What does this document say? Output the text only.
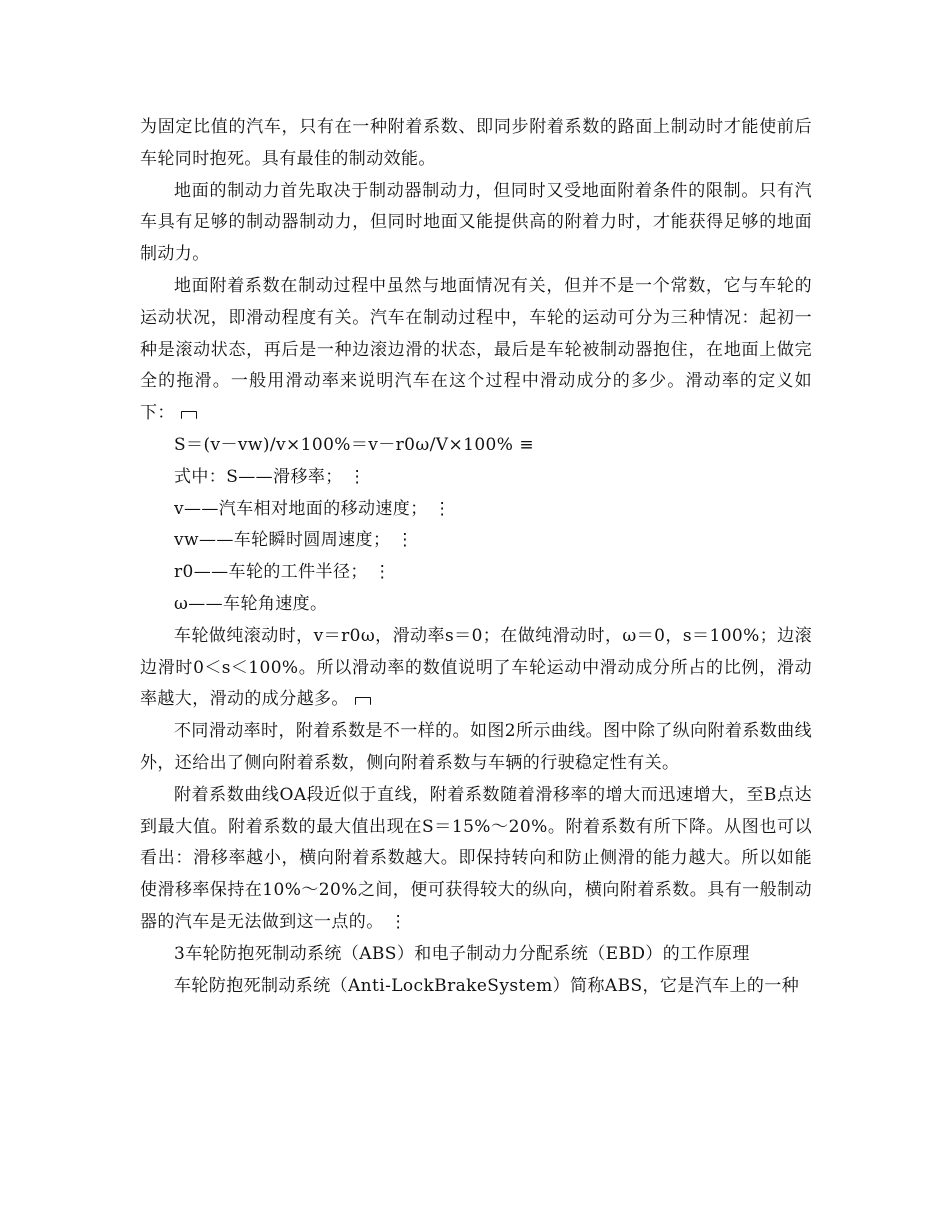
为固定比值的汽车，只有在一种附着系数、即同步附着系数的路面上制动时才能使前后车轮同时抱死。具有最佳的制动效能。

地面的制动力首先取决于制动器制动力，但同时又受地面附着条件的限制。只有汽车具有足够的制动器制动力，但同时地面又能提供高的附着力时，才能获得足够的地面制动力。

地面附着系数在制动过程中虽然与地面情况有关，但并不是一个常数，它与车轮的运动状况，即滑动程度有关。汽车在制动过程中，车轮的运动可分为三种情况：起初一种是滚动状态，再后是一种边滚边滑的状态，最后是车轮被制动器抱住，在地面上做完全的拖滑。一般用滑动率来说明汽车在这个过程中滑动成分的多少。滑动率的定义如下：

S＝(v－vw)/v×100%＝v－r0ω/V×100% ≡

式中：S——滑移率； ⋮

v——汽车相对地面的移动速度； ⋮

vw——车轮瞬时圆周速度； ⋮

r0——车轮的工件半径； ⋮

ω——车轮角速度。

车轮做纯滚动时，v＝r0ω，滑动率s＝0；在做纯滑动时，ω＝0，s＝100%；边滚边滑时0＜s＜100%。所以滑动率的数值说明了车轮运动中滑动成分所占的比例，滑动率越大，滑动的成分越多。

不同滑动率时，附着系数是不一样的。如图2所示曲线。图中除了纵向附着系数曲线外，还给出了侧向附着系数，侧向附着系数与车辆的行驶稳定性有关。

附着系数曲线OA段近似于直线，附着系数随着滑移率的增大而迅速增大，至B点达到最大值。附着系数的最大值出现在S＝15%～20%。附着系数有所下降。从图也可以看出：滑移率越小，横向附着系数越大。即保持转向和防止侧滑的能力越大。所以如能使滑移率保持在10%～20%之间，便可获得较大的纵向，横向附着系数。具有一般制动器的汽车是无法做到这一点的。 ⋮

3车轮防抱死制动系统（ABS）和电子制动力分配系统（EBD）的工作原理

车轮防抱死制动系统（Anti-LockBrakeSystem）简称ABS，它是汽车上的一种
